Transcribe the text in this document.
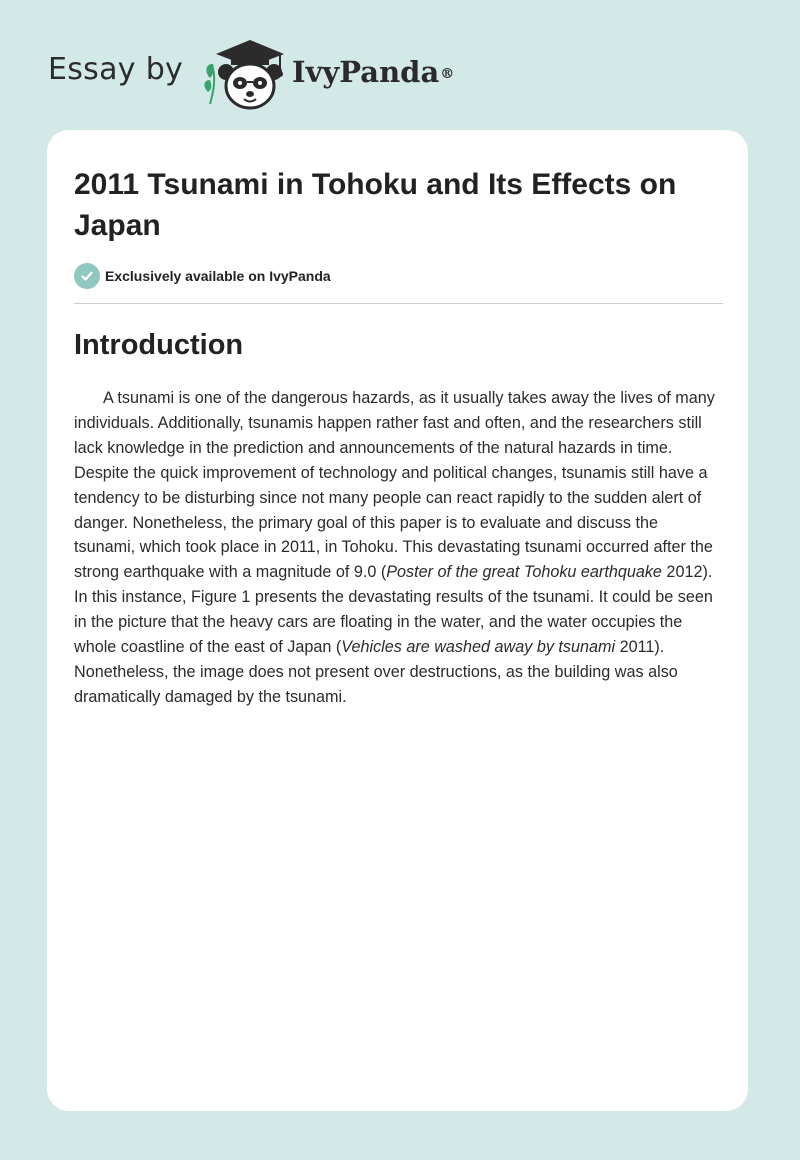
Essay by	IvyPanda®
2011 Tsunami in Tohoku and Its Effects on Japan
Exclusively available on IvyPanda
Introduction

A tsunami is one of the dangerous hazards, as it usually takes away the lives of many individuals. Additionally, tsunamis happen rather fast and often, and the researchers still lack knowledge in the prediction and announcements of the natural hazards in time. Despite the quick improvement of technology and political changes, tsunamis still have a tendency to be disturbing since not many people can react rapidly to the sudden alert of danger. Nonetheless, the primary goal of this paper is to evaluate and discuss the tsunami, which took place in 2011, in Tohoku. This devastating tsunami occurred after the strong earthquake with a magnitude of 9.0 (Poster of the great Tohoku earthquake 2012). In this instance, Figure 1 presents the devastating results of the tsunami. It could be seen in the picture that the heavy cars are floating in the water, and the water occupies the whole coastline of the east of Japan (Vehicles are washed away by tsunami 2011). Nonetheless, the image does not present over destructions, as the building was also dramatically damaged by the tsunami.
